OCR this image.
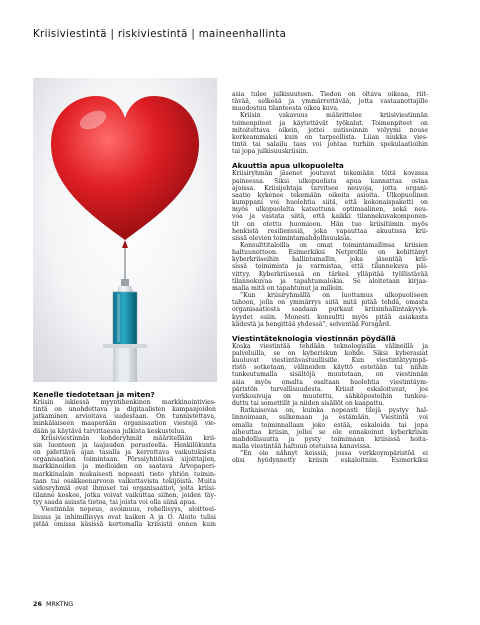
Kriisiviestintä | riskiviestintä | maineenhallinta
Kenelle tiedotetaan ja miten?
Kriisin iskiessä myyntihenkinen markkinointivies-
tintä on unohdettava ja digitaalisten kampanjoiden
jatkaminen arvioitava uudestaan. On tunnistettava,
minkälaiseen maaperään organisaation viestejä vie-
dään ja käytävä tarvittaessa julkista keskustelua.
Kriisiviestinnän kohderyhmät määritellään krii-
sin luonteen ja laajuuden perusteella. Henkilökunta
on pidettävä ajan tasalla ja kerrottava vaikutuksista
organisaation toimintaan. Pörssiyhtiöissä sijoittajien,
markkinoiden ja medioiden on saatava Arvopaperi-
markkinalain mukaisesti nopeasti tieto yhtiön toimin-
taan tai osakkeenarvoon vaikuttavista tekijöistä. Muita
sidosryhmiä ovat ihmiset tai organisaatiot, joita kriisi-
tilanne koskee, jotka voivat vaikuttaa siihen, joiden täy-
tyy saada asiasta tietoa, tai joista voi olla siinä apua.
Viestinnän nopeus, avoimuus, rehellisyys, aloitteel-
lisuus ja inhimillisyys ovat kaiken A ja O. Aloite tulisi
pitää omissa käsissä kertomalla kriisistä ennen kuin
asia tulee julkisuuteen. Tiedon on oltava oikeaa, riit-
tävää, selkeää ja ymmärrettävää, jotta vastaanottajille
muodostuu tilanteesta oikea kuva.
Kriisin vakavuus määrittelee kriisiviestinnän
toimenpiteet ja käytettävät työkalut. Toimenpiteet on
mitoitettava oikein, jottei uutisoinnin volyymi nouse
korkeammaksi kuin on tarpeellista. Liian niukka vies-
tintä tai salailu taas voi johtaa turhiin spekulaatioihin
tai jopa julkisuuskriisiin.
Akuuttia apua ulkopuolelta
Kriisiryhmän jäsenet joutuvat tekemään töitä kovassa
paineessa. Siksi ulkopuolista apua kannattaa ostaa
ajoissa. Kriisijohtaja tarvitsee neuvoja, jotta organi-
saatio kykenee tekemään oikeita asioita. Ulkopuolinen
kumppani voi huolehtia siitä, että kokonaispaketti on
myös ulkopuolelta katsottuna optimaalinen, sekä neu-
voa ja vastata siitä, että kaikki tilannekuvakomponen-
tit on otettu huomioon. Hän tuo kriisitiimin myös
henkistä resilienssiä, joka vapauttaa akuutissa krii-
sissä olevien toimintamahdollisuuksia.
Konsulttitaloilla on omat toimintamallinsa kriisien
haltuunottoon. Esimerkiksi Netprofile on kehittänyt
kyberkriiseihin hallintamallin, joka jäsentää krii-
sissä toimimista ja varmistaa, että tilannekuva päi-
vittyy. Kyberkriisessä on tärkeä ylläpitää työllistävää
tilannekuvaa ja tapahtumalokia. Se aloitetaan kirjaa-
malla mitä on tapahtunut ja milloin.
”Kun kriisiryhmällä on luottamus ulkopuoliseen
tahoon, jolla on ymmärrys siitä mitä pitää tehdä, omasta
organisaatiosta saadaan purkaut kriisinhallintakyvyk-
kyydet esiin. Monesti konsultti myös pitää asiakasta
kädestä ja hengittää yhdessä”, selventää Forsgård.
Viestintäteknologia viestinnän pöydällä
Koska viestintää tehdään teknologisilla välineillä ja
palveluilla, se on kyberiskun kohde. Siksi kyberasiat
kuuluvat viestintävastuullisille. Kun viestintätyympä-
ristö sotketaan, välineiden käyttö estetään tai niihin
tunkeutumalla sisältöjä muutetaan, on viestinnän
asia myös omalta osaltaan huolehtia viestintäym-
päristön turvallisuudesta. Kriisit eskaloituvat, jos
verkkosivuja on muutettu, sähköposteihin tunkeu-
duttu tai somettilit ja niiden sisällöt on kaapattu.
Ratkaisevaa on, kuinka nopeasti tilejä pystyy hal-
linnoimaan, sulkemaan ja estämään. Viestintä voi
omalla toiminnallaan joko estää, eskaloida tai jopa
aiheuttaa kriisin, jollei se ole ennakoinut kyberkriisin
mahdollisuutta ja pysty toimimaan kriisissä hoita-
malla viestintää haltuun otetuissa kanavissa.
”En ole nähnyt keissiä, jossa verkkoympäristöä ei
olisi hyödynnetty kriisin eskaloitniin. Esimerkiksi
26 MRKTNG
